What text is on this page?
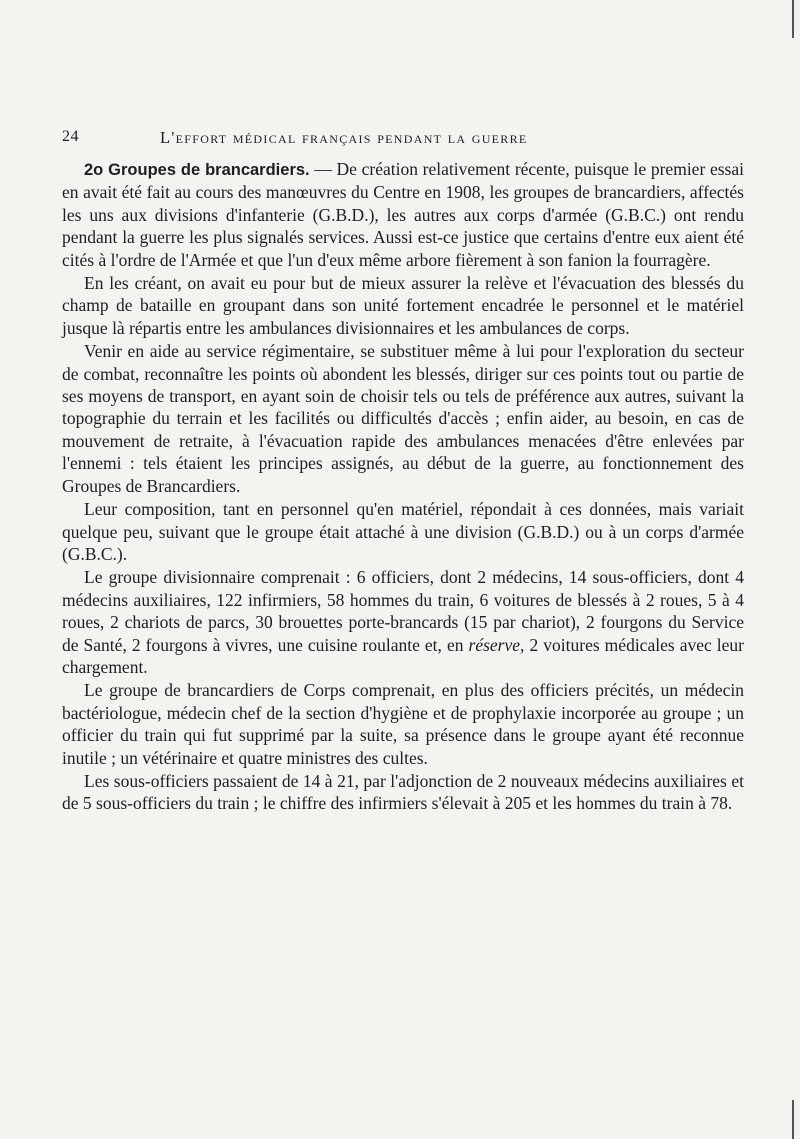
24	L'effort médical français pendant la guerre

2o Groupes de brancardiers. — De création relativement récente, puisque le premier essai en avait été fait au cours des manœuvres du Centre en 1908, les groupes de brancardiers, affectés les uns aux divisions d'infanterie (G.B.D.), les autres aux corps d'armée (G.B.C.) ont rendu pendant la guerre les plus signalés services. Aussi est-ce justice que certains d'entre eux aient été cités à l'ordre de l'Armée et que l'un d'eux même arbore fièrement à son fanion la fourragère.

En les créant, on avait eu pour but de mieux assurer la relève et l'évacuation des blessés du champ de bataille en groupant dans son unité fortement encadrée le personnel et le matériel jusque là répartis entre les ambulances divisionnaires et les ambulances de corps.

Venir en aide au service régimentaire, se substituer même à lui pour l'exploration du secteur de combat, reconnaître les points où abondent les blessés, diriger sur ces points tout ou partie de ses moyens de transport, en ayant soin de choisir tels ou tels de préférence aux autres, suivant la topographie du terrain et les facilités ou difficultés d'accès ; enfin aider, au besoin, en cas de mouvement de retraite, à l'évacuation rapide des ambulances menacées d'être enlevées par l'ennemi : tels étaient les principes assignés, au début de la guerre, au fonctionnement des Groupes de Brancardiers.

Leur composition, tant en personnel qu'en matériel, répondait à ces données, mais variait quelque peu, suivant que le groupe était attaché à une division (G.B.D.) ou à un corps d'armée (G.B.C.).

Le groupe divisionnaire comprenait : 6 officiers, dont 2 médecins, 14 sous-officiers, dont 4 médecins auxiliaires, 122 infirmiers, 58 hommes du train, 6 voitures de blessés à 2 roues, 5 à 4 roues, 2 chariots de parcs, 30 brouettes porte-brancards (15 par chariot), 2 fourgons du Service de Santé, 2 fourgons à vivres, une cuisine roulante et, en réserve, 2 voitures médicales avec leur chargement.

Le groupe de brancardiers de Corps comprenait, en plus des officiers précités, un médecin bactériologue, médecin chef de la section d'hygiène et de prophylaxie incorporée au groupe ; un officier du train qui fut supprimé par la suite, sa présence dans le groupe ayant été reconnue inutile ; un vétérinaire et quatre ministres des cultes.

Les sous-officiers passaient de 14 à 21, par l'adjonction de 2 nouveaux médecins auxiliaires et de 5 sous-officiers du train ; le chiffre des infirmiers s'élevait à 205 et les hommes du train à 78.
